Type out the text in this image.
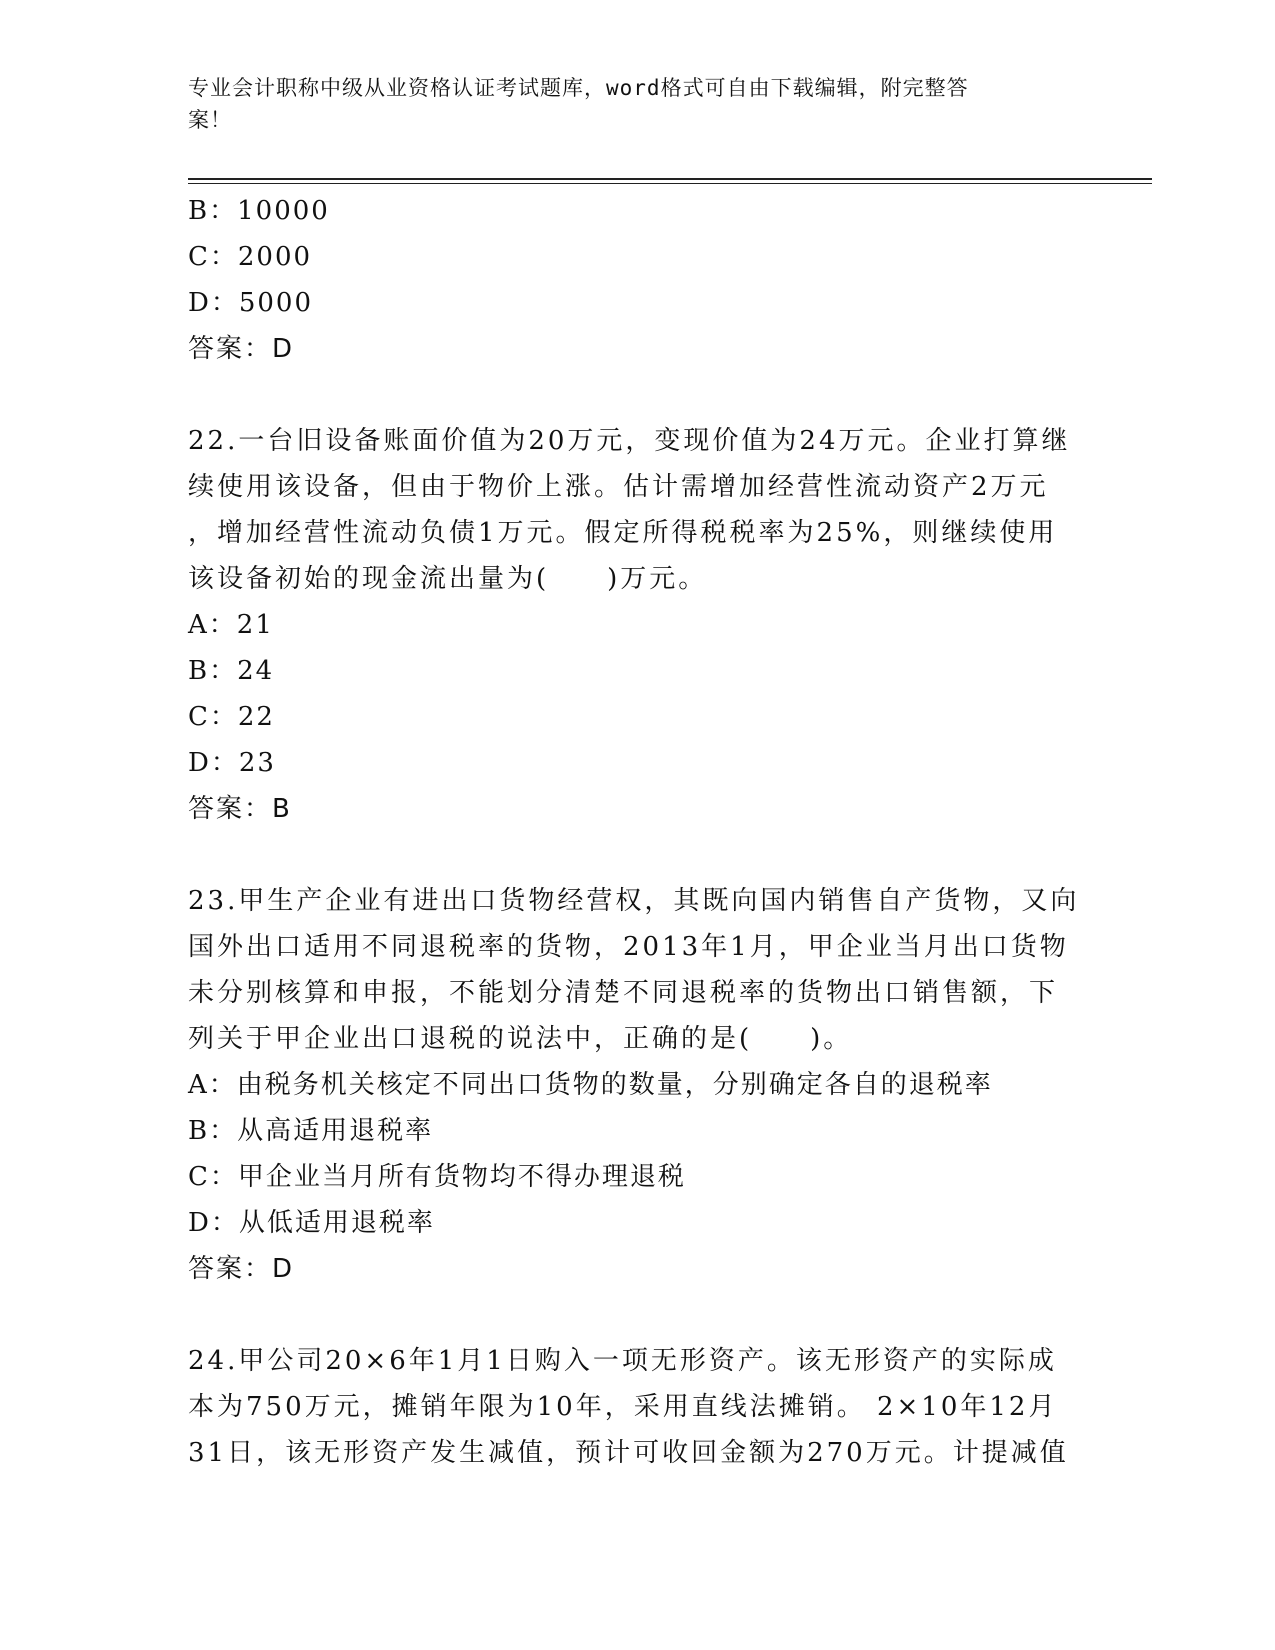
专业会计职称中级从业资格认证考试题库，word格式可自由下载编辑，附完整答
案！
B：10000
C：2000
D：5000
答案：D
22.一台旧设备账面价值为20万元，变现价值为24万元。企业打算继
续使用该设备，但由于物价上涨。估计需增加经营性流动资产2万元
，增加经营性流动负债1万元。假定所得税税率为25%，则继续使用
该设备初始的现金流出量为(　　)万元。
A：21
B：24
C：22
D：23
答案：B
23.甲生产企业有进出口货物经营权，其既向国内销售自产货物，又向
国外出口适用不同退税率的货物，2013年1月，甲企业当月出口货物
未分别核算和申报，不能划分清楚不同退税率的货物出口销售额，下
列关于甲企业出口退税的说法中，正确的是(　　)。
A：由税务机关核定不同出口货物的数量，分别确定各自的退税率
B：从高适用退税率
C：甲企业当月所有货物均不得办理退税
D：从低适用退税率
答案：D
24.甲公司20×6年1月1日购入一项无形资产。该无形资产的实际成
本为750万元，摊销年限为10年，采用直线法摊销。 2×10年12月
31日，该无形资产发生减值，预计可收回金额为270万元。计提减值
